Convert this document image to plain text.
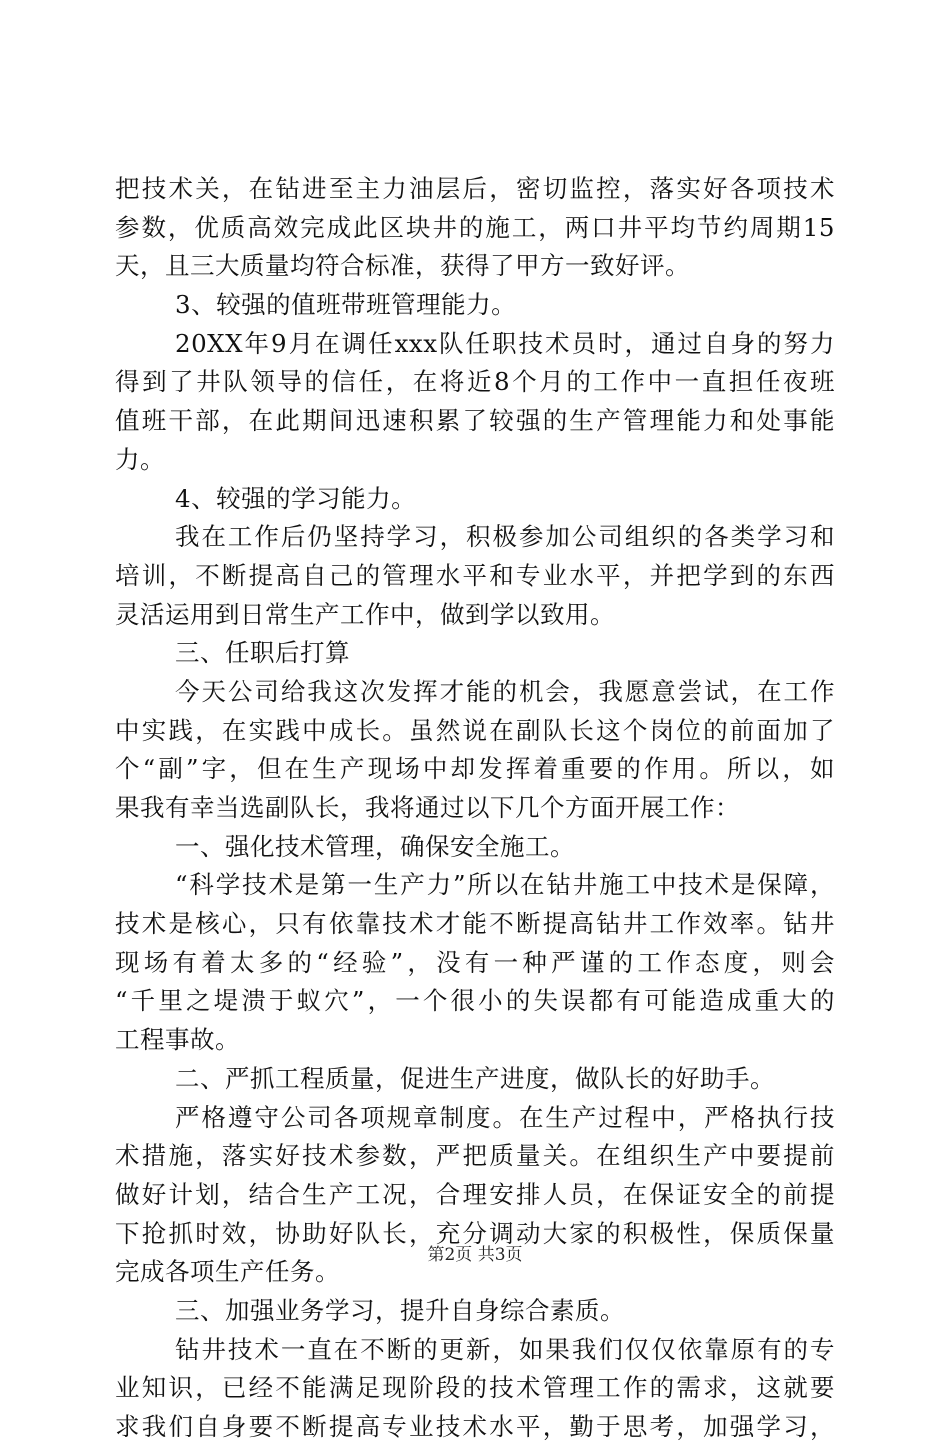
把技术关，在钻进至主力油层后，密切监控，落实好各项技术
参数，优质高效完成此区块井的施工，两口井平均节约周期15
天，且三大质量均符合标准，获得了甲方一致好评。
3、较强的值班带班管理能力。
20XX年9月在调任xxx队任职技术员时，通过自身的努力
得到了井队领导的信任，在将近8个月的工作中一直担任夜班
值班干部，在此期间迅速积累了较强的生产管理能力和处事能
力。
4、较强的学习能力。
我在工作后仍坚持学习，积极参加公司组织的各类学习和
培训，不断提高自己的管理水平和专业水平，并把学到的东西
灵活运用到日常生产工作中，做到学以致用。
三、任职后打算
今天公司给我这次发挥才能的机会，我愿意尝试，在工作
中实践，在实践中成长。虽然说在副队长这个岗位的前面加了
个“副”字，但在生产现场中却发挥着重要的作用。所以，如
果我有幸当选副队长，我将通过以下几个方面开展工作：
一、强化技术管理，确保安全施工。
“科学技术是第一生产力”所以在钻井施工中技术是保障，
技术是核心，只有依靠技术才能不断提高钻井工作效率。钻井
现场有着太多的“经验”，没有一种严谨的工作态度，则会
“千里之堤溃于蚁穴”，一个很小的失误都有可能造成重大的
工程事故。
二、严抓工程质量，促进生产进度，做队长的好助手。
严格遵守公司各项规章制度。在生产过程中，严格执行技
术措施，落实好技术参数，严把质量关。在组织生产中要提前
做好计划，结合生产工况，合理安排人员，在保证安全的前提
下抢抓时效，协助好队长，充分调动大家的积极性，保质保量
完成各项生产任务。
三、加强业务学习，提升自身综合素质。
钻井技术一直在不断的更新，如果我们仅仅依靠原有的专
业知识，已经不能满足现阶段的技术管理工作的需求，这就要
求我们自身要不断提高专业技术水平，勤于思考，加强学习，
第2页 共3页
